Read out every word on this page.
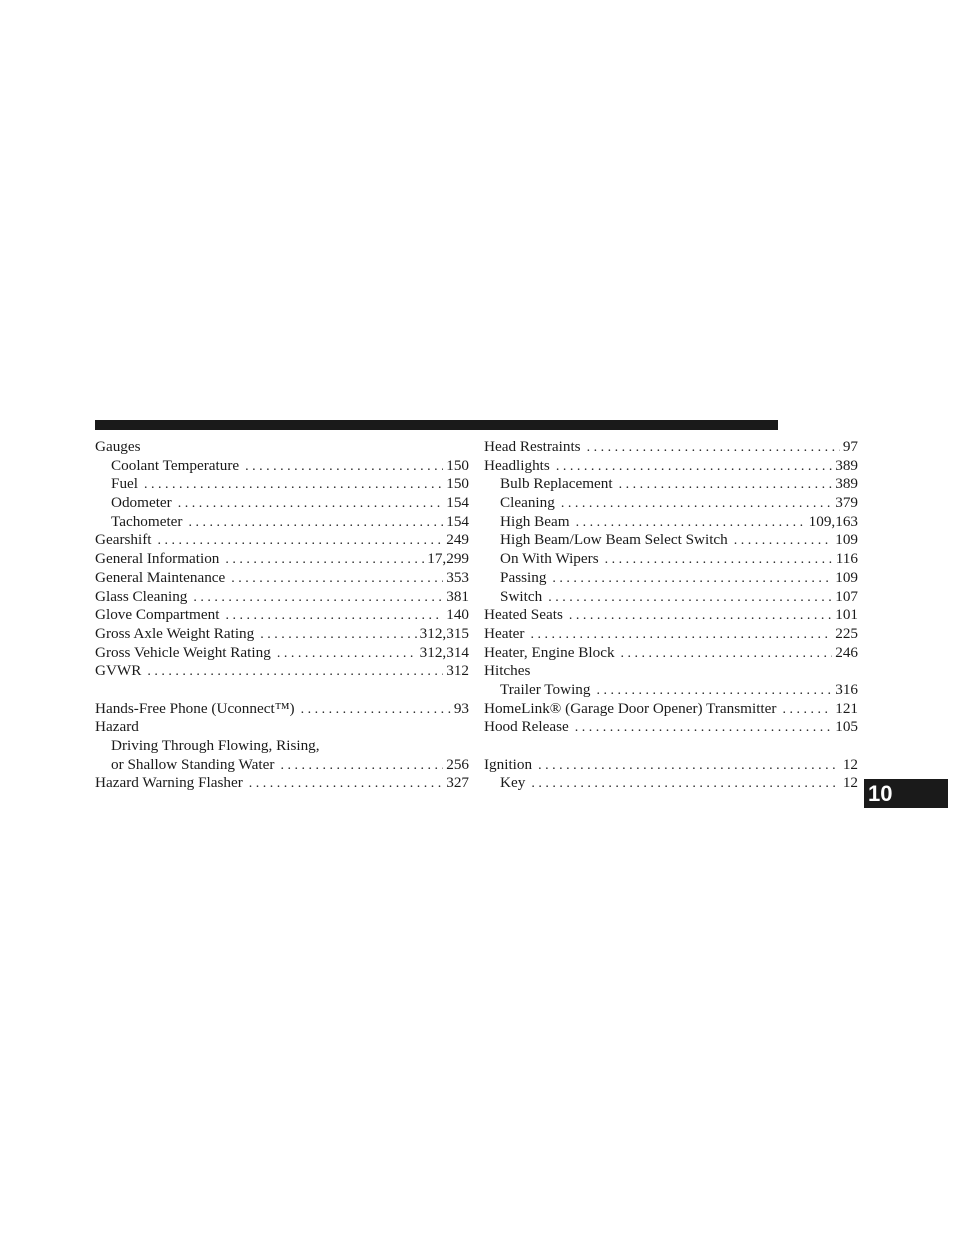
Gauges
Coolant Temperature . . .	150
Fuel . . .	150
Odometer . . .	154
Tachometer . . .	154
Gearshift . . .	249
General Information . . .	17,299
General Maintenance . . .	353
Glass Cleaning . . .	381
Glove Compartment . . .	140
Gross Axle Weight Rating . . .	312,315
Gross Vehicle Weight Rating . . .	312,314
GVWR . . .	312
Hands-Free Phone (Uconnect™) . . .	93
Hazard
Driving Through Flowing, Rising,
or Shallow Standing Water . . .	256
Hazard Warning Flasher . . .	327
Head Restraints . . .	97
Headlights . . .	389
Bulb Replacement . . .	389
Cleaning . . .	379
High Beam . . .	109,163
High Beam/Low Beam Select Switch . . .	109
On With Wipers . . .	116
Passing . . .	109
Switch . . .	107
Heated Seats . . .	101
Heater . . .	225
Heater, Engine Block . . .	246
Hitches
Trailer Towing . . .	316
HomeLink® (Garage Door Opener) Transmitter . . .	121
Hood Release . . .	105
Ignition . . .	12
Key . . .	12 10
